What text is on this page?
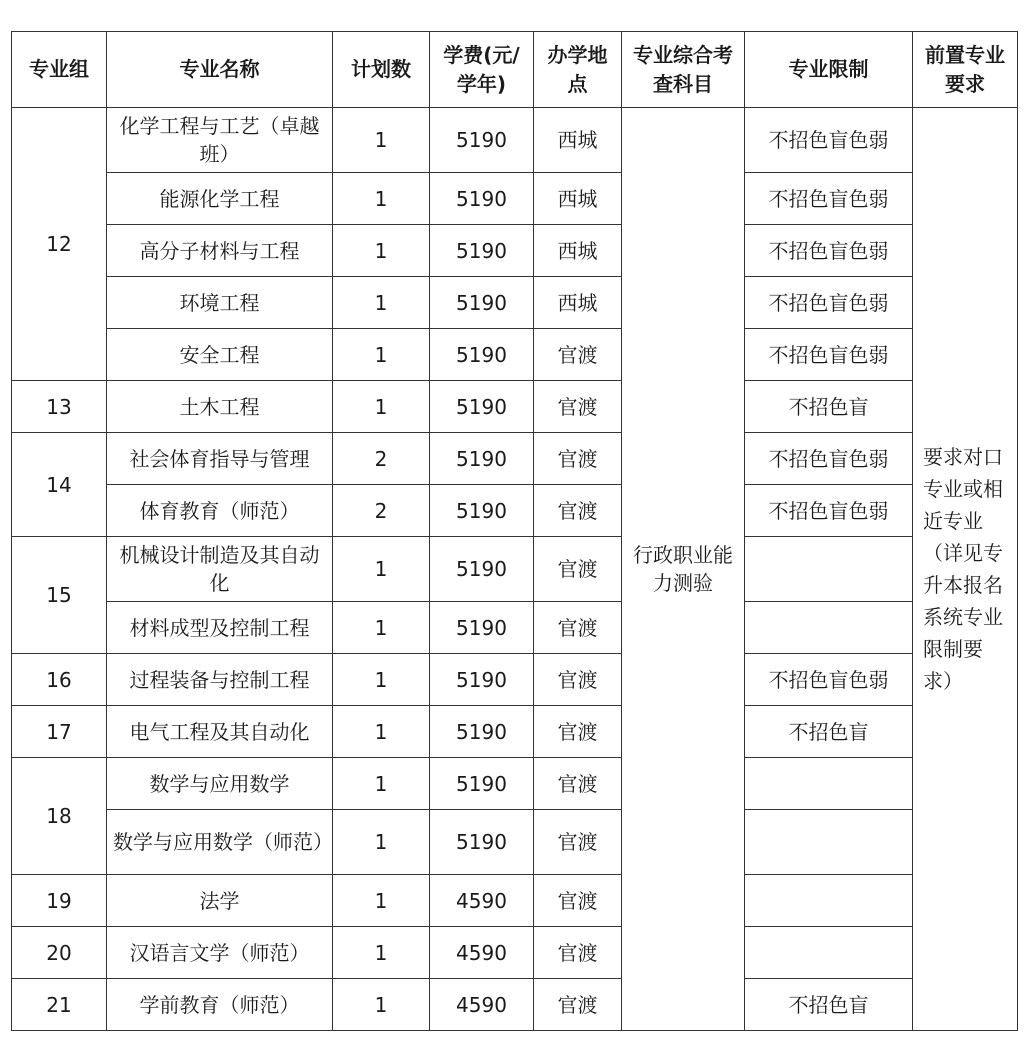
专业组	专业名称	计划数	学费(元/学年)	办学地点	专业综合考查科目	专业限制	前置专业要求
12	化学工程与工艺（卓越班）	1	5190	西城	行政职业能力测验	不招色盲色弱	要求对口专业或相近专业（详见专升本报名系统专业限制要求）
	能源化学工程	1	5190	西城		不招色盲色弱	
	高分子材料与工程	1	5190	西城		不招色盲色弱	
	环境工程	1	5190	西城		不招色盲色弱	
	安全工程	1	5190	官渡		不招色盲色弱	
13	土木工程	1	5190	官渡		不招色盲	
14	社会体育指导与管理	2	5190	官渡		不招色盲色弱	
	体育教育（师范）	2	5190	官渡		不招色盲色弱	
15	机械设计制造及其自动化	1	5190	官渡			
	材料成型及控制工程	1	5190	官渡			
16	过程装备与控制工程	1	5190	官渡		不招色盲色弱	
17	电气工程及其自动化	1	5190	官渡		不招色盲	
18	数学与应用数学	1	5190	官渡			
	数学与应用数学（师范）	1	5190	官渡			
19	法学	1	4590	官渡			
20	汉语言文学（师范）	1	4590	官渡			
21	学前教育（师范）	1	4590	官渡		不招色盲	
